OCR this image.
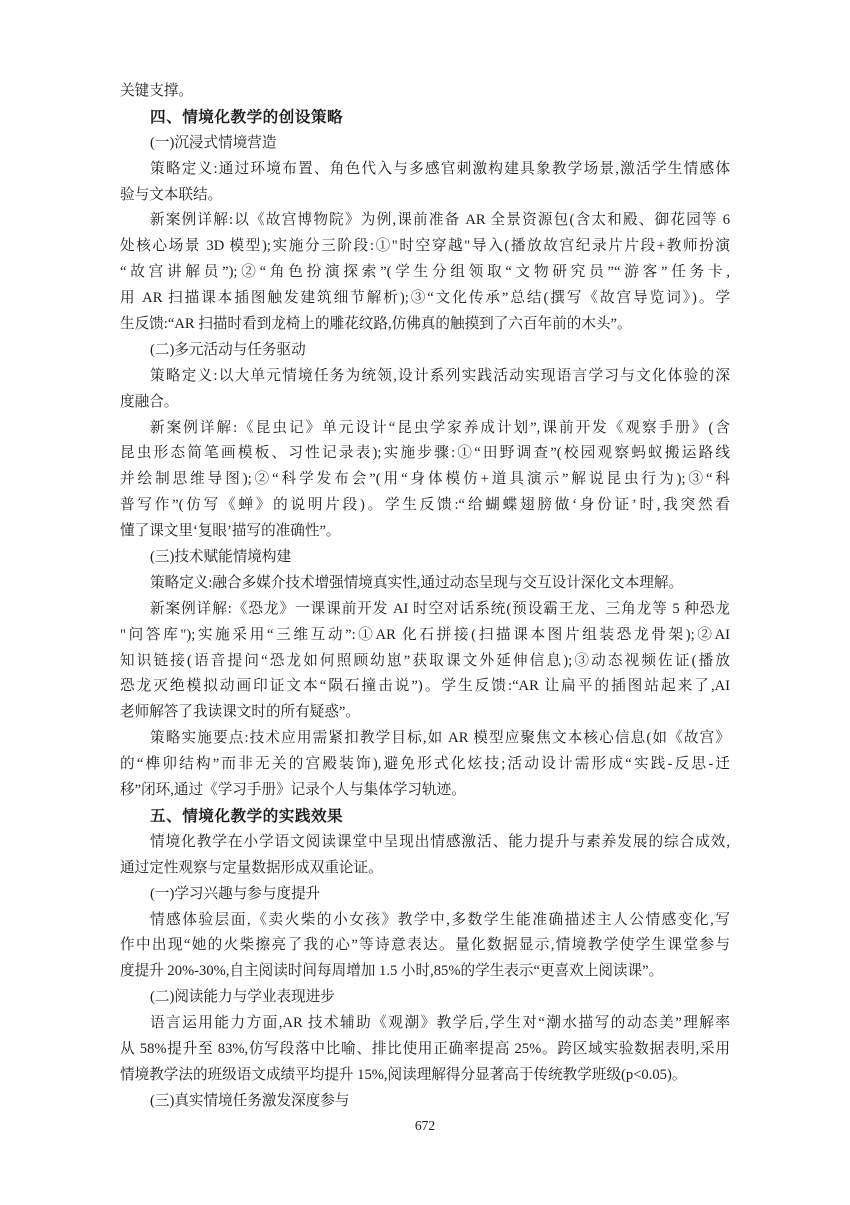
关键支撑。
四、情境化教学的创设策略
(一)沉浸式情境营造
策略定义:通过环境布置、角色代入与多感官刺激构建具象教学场景,激活学生情感体
验与文本联结。
新案例详解:以《故宫博物院》为例,课前准备 AR 全景资源包(含太和殿、御花园等 6
处核心场景 3D 模型);实施分三阶段:①"时空穿越"导入(播放故宫纪录片片段+教师扮演
“故宫讲解员”);②“角色扮演探索”(学生分组领取“文物研究员”“游客”任务卡,
用 AR 扫描课本插图触发建筑细节解析);③“文化传承”总结(撰写《故宫导览词》)。学
生反馈:“AR 扫描时看到龙椅上的雕花纹路,仿佛真的触摸到了六百年前的木头”。
(二)多元活动与任务驱动
策略定义:以大单元情境任务为统领,设计系列实践活动实现语言学习与文化体验的深
度融合。
新案例详解:《昆虫记》单元设计“昆虫学家养成计划”,课前开发《观察手册》(含
昆虫形态简笔画模板、习性记录表);实施步骤:①“田野调查”(校园观察蚂蚁搬运路线
并绘制思维导图);②“科学发布会”(用“身体模仿+道具演示”解说昆虫行为);③“科
普写作”(仿写《蝉》的说明片段)。学生反馈:“给蝴蝶翅膀做‘身份证’时,我突然看
懂了课文里‘复眼’描写的准确性”。
(三)技术赋能情境构建
策略定义:融合多媒介技术增强情境真实性,通过动态呈现与交互设计深化文本理解。
新案例详解:《恐龙》一课课前开发 AI 时空对话系统(预设霸王龙、三角龙等 5 种恐龙
"问答库");实施采用“三维互动”:①AR 化石拼接(扫描课本图片组装恐龙骨架);②AI
知识链接(语音提问“恐龙如何照顾幼崽”获取课文外延伸信息);③动态视频佐证(播放
恐龙灭绝模拟动画印证文本“陨石撞击说”)。学生反馈:“AR 让扁平的插图站起来了,AI
老师解答了我读课文时的所有疑惑”。
策略实施要点:技术应用需紧扣教学目标,如 AR 模型应聚焦文本核心信息(如《故宫》
的“榫卯结构”而非无关的宫殿装饰),避免形式化炫技;活动设计需形成“实践-反思-迁
移”闭环,通过《学习手册》记录个人与集体学习轨迹。
五、情境化教学的实践效果
情境化教学在小学语文阅读课堂中呈现出情感激活、能力提升与素养发展的综合成效,
通过定性观察与定量数据形成双重论证。
(一)学习兴趣与参与度提升
情感体验层面,《卖火柴的小女孩》教学中,多数学生能准确描述主人公情感变化,写
作中出现“她的火柴擦亮了我的心”等诗意表达。量化数据显示,情境教学使学生课堂参与
度提升 20%-30%,自主阅读时间每周增加 1.5 小时,85%的学生表示“更喜欢上阅读课”。
(二)阅读能力与学业表现进步
语言运用能力方面,AR 技术辅助《观潮》教学后,学生对“潮水描写的动态美”理解率
从 58%提升至 83%,仿写段落中比喻、排比使用正确率提高 25%。跨区域实验数据表明,采用
情境教学法的班级语文成绩平均提升 15%,阅读理解得分显著高于传统教学班级(p<0.05)。
(三)真实情境任务激发深度参与
672
